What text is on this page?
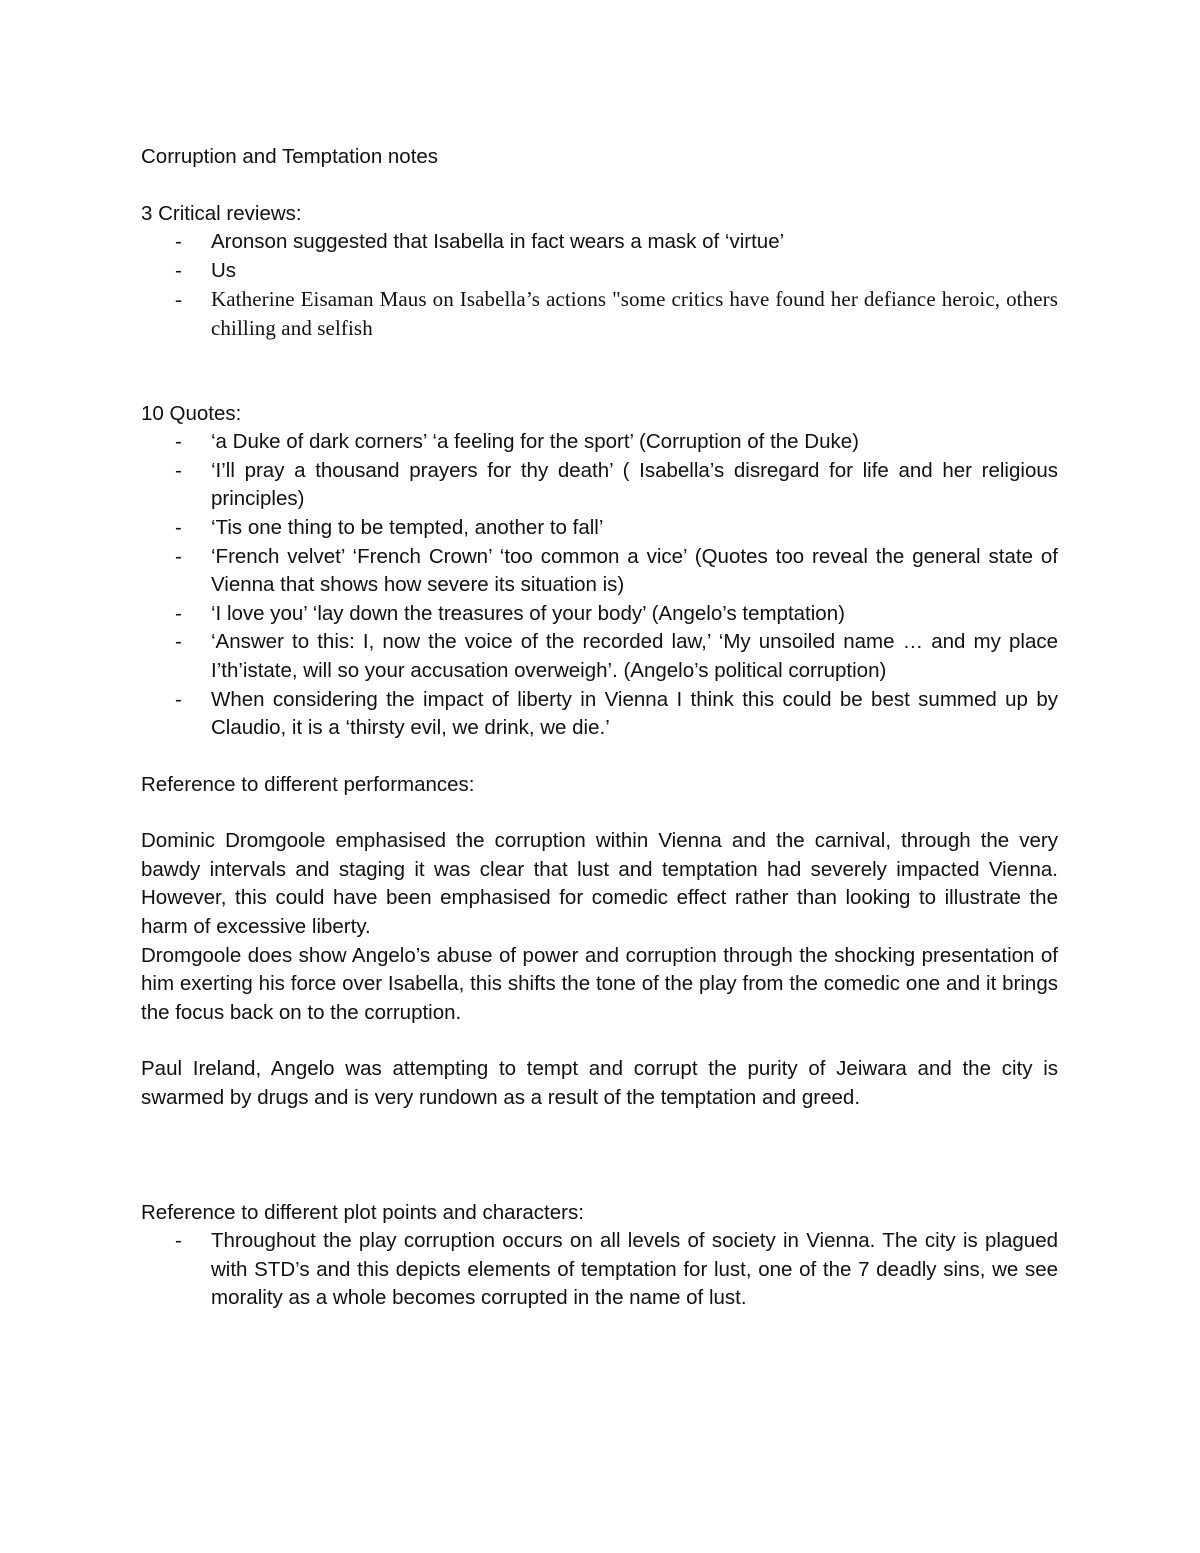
Corruption and Temptation notes

3 Critical reviews:

- Aronson suggested that Isabella in fact wears a mask of ‘virtue’
- Us
- Katherine Eisaman Maus on Isabella’s actions "some critics have found her defiance heroic, others chilling and selfish

10 Quotes:

- ‘a Duke of dark corners’ ‘a feeling for the sport’ (Corruption of the Duke)
- ‘I’ll pray a thousand prayers for thy death’ ( Isabella’s disregard for life and her religious principles)
- ‘Tis one thing to be tempted, another to fall’
- ‘French velvet’ ‘French Crown’ ‘too common a vice’ (Quotes too reveal the general state of Vienna that shows how severe its situation is)
- ‘I love you’ ‘lay down the treasures of your body’ (Angelo’s temptation)
- ‘Answer to this: I, now the voice of the recorded law,’ ‘My unsoiled name … and my place I’th’istate, will so your accusation overweigh’. (Angelo’s political corruption)
- When considering the impact of liberty in Vienna I think this could be best summed up by Claudio, it is a ‘thirsty evil, we drink, we die.’

Reference to different performances:

Dominic Dromgoole emphasised the corruption within Vienna and the carnival, through the very bawdy intervals and staging it was clear that lust and temptation had severely impacted Vienna. However, this could have been emphasised for comedic effect rather than looking to illustrate the harm of excessive liberty.

Dromgoole does show Angelo’s abuse of power and corruption through the shocking presentation of him exerting his force over Isabella, this shifts the tone of the play from the comedic one and it brings the focus back on to the corruption.

Paul Ireland, Angelo was attempting to tempt and corrupt the purity of Jeiwara and the city is swarmed by drugs and is very rundown as a result of the temptation and greed.

Reference to different plot points and characters:

- Throughout the play corruption occurs on all levels of society in Vienna. The city is plagued with STD’s and this depicts elements of temptation for lust, one of the 7 deadly sins, we see morality as a whole becomes corrupted in the name of lust.
